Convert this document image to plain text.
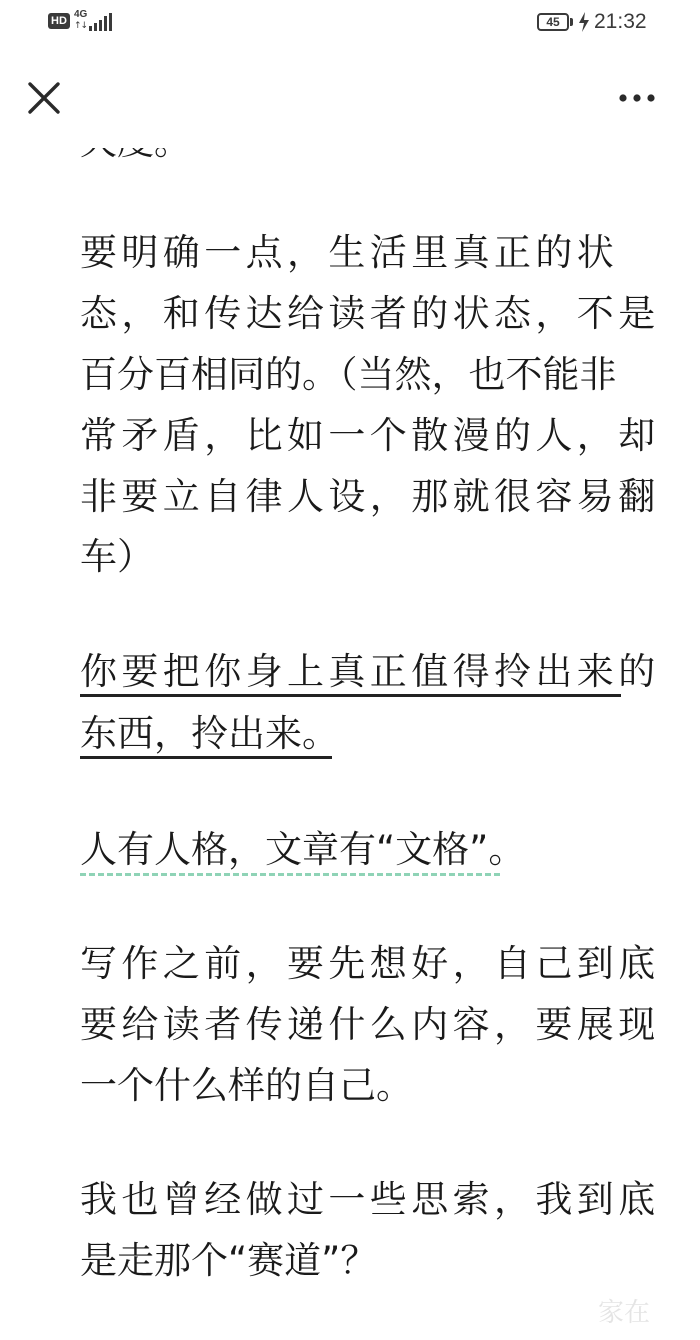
HD
4G
↑↓	45	21:32
要明确一点，生活里真正的状
态，和传达给读者的状态，不是
百分百相同的。（当然，也不能非
常矛盾，比如一个散漫的人，却
非要立自律人设，那就很容易翻
车）
你要把你身上真正值得拎出来的
东西，拎出来。
人有人格，文章有“文格”。
写作之前，要先想好，自己到底
要给读者传递什么内容，要展现
一个什么样的自己。
我也曾经做过一些思索，我到底
是走那个“赛道”？
家在
